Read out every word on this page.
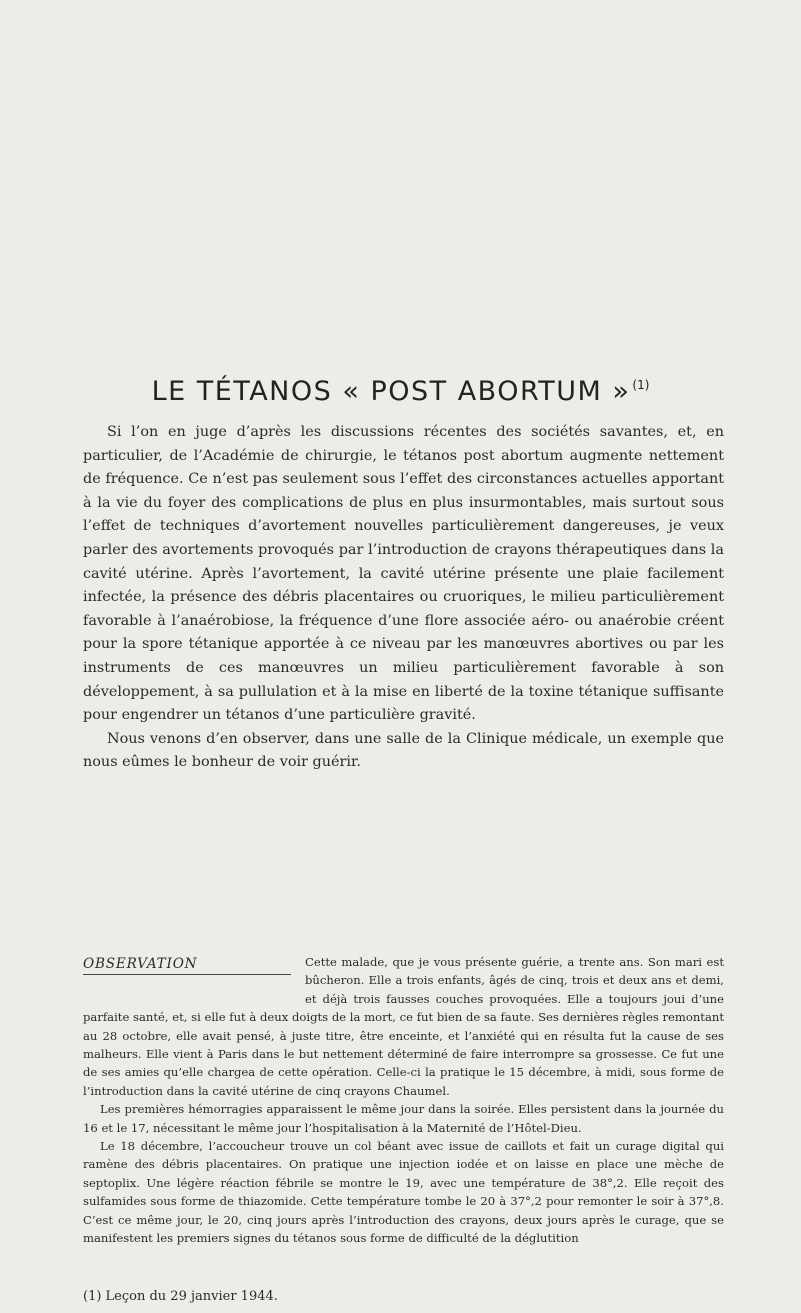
LE TÉTANOS « POST ABORTUM » $^{(1)}$

Si l’on en juge d’après les discussions récentes des sociétés savantes, et, en particulier, de l’Académie de chirurgie, le tétanos post abortum augmente nettement de fréquence. Ce n’est pas seulement sous l’effet des circonstances actuelles apportant à la vie du foyer des complications de plus en plus insurmontables, mais surtout sous l’effet de techniques d’avortement nouvelles particulièrement dangereuses, je veux parler des avortements provoqués par l’introduction de crayons thérapeutiques dans la cavité utérine. Après l’avortement, la cavité utérine présente une plaie facilement infectée, la présence des débris placentaires ou cruoriques, le milieu particulièrement favorable à l’anaérobiose, la fréquence d’une flore associée aéro- ou anaérobie créent pour la spore tétanique apportée à ce niveau par les manœuvres abortives ou par les instruments de ces manœuvres un milieu particulièrement favorable à son développement, à sa pullulation et à la mise en liberté de la toxine tétanique suffisante pour engendrer un tétanos d’une particulière gravité.

Nous venons d’en observer, dans une salle de la Clinique médicale, un exemple que nous eûmes le bonheur de voir guérir.

OBSERVATION	Cette malade, que je vous présente guérie, a trente ans. Son mari est bûcheron. Elle a trois enfants, âgés de cinq, trois et deux ans et demi, et déjà trois fausses couches provoquées. Elle a toujours joui d’une parfaite santé, et, si elle fut à deux doigts de la mort, ce fut bien de sa faute. Ses dernières règles remontant au 28 octobre, elle avait pensé, à juste titre, être enceinte, et l’anxiété qui en résulta fut la cause de ses malheurs. Elle vient à Paris dans le but nettement déterminé de faire interrompre sa grossesse. Ce fut une de ses amies qu’elle chargea de cette opération. Celle-ci la pratique le 15 décembre, à midi, sous forme de l’introduction dans la cavité utérine de cinq crayons Chaumel.

Les premières hémorragies apparaissent le même jour dans la soirée. Elles persistent dans la journée du 16 et le 17, nécessitant le même jour l’hospitalisation à la Maternité de l’Hôtel-Dieu.

Le 18 décembre, l’accoucheur trouve un col béant avec issue de caillots et fait un curage digital qui ramène des débris placentaires. On pratique une injection iodée et on laisse en place une mèche de septoplix. Une légère réaction fébrile se montre le 19, avec une température de 38°,2. Elle reçoit des sulfamides sous forme de thiazomide. Cette température tombe le 20 à 37°,2 pour remonter le soir à 37°,8. C’est ce même jour, le 20, cinq jours après l’introduction des crayons, deux jours après le curage, que se manifestent les premiers signes du tétanos sous forme de difficulté de la déglutition

(1) Leçon du 29 janvier 1944.
